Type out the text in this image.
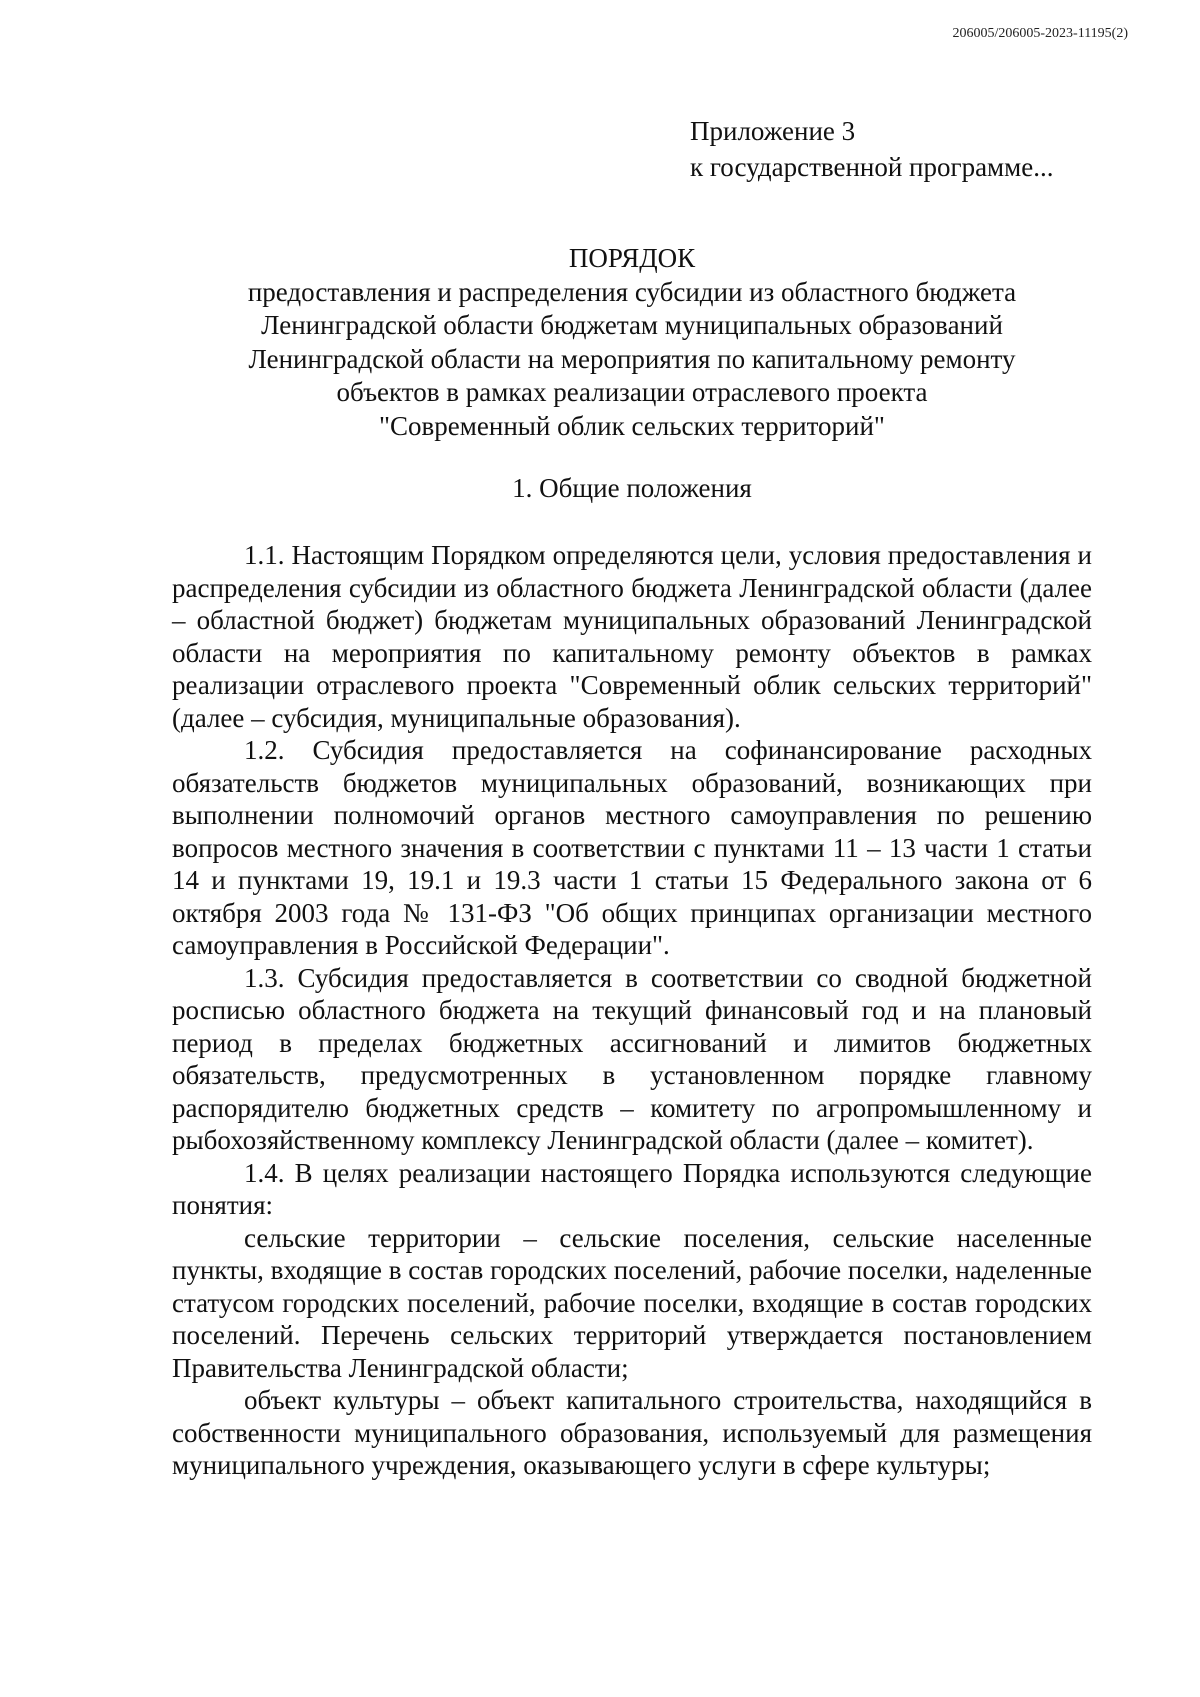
206005/206005-2023-11195(2)
Приложение 3
к государственной программе...
ПОРЯДОК
предоставления и распределения субсидии из областного бюджета
Ленинградской области бюджетам муниципальных образований
Ленинградской области на мероприятия по капитальному ремонту
объектов в рамках реализации отраслевого проекта
"Современный облик сельских территорий"
1. Общие положения

1.1. Настоящим Порядком определяются цели, условия предоставления и распределения субсидии из областного бюджета Ленинградской области (далее – областной бюджет) бюджетам муниципальных образований Ленинградской области на мероприятия по капитальному ремонту объектов в рамках реализации отраслевого проекта "Современный облик сельских территорий" (далее – субсидия, муниципальные образования).

1.2. Субсидия предоставляется на софинансирование расходных обязательств бюджетов муниципальных образований, возникающих при выполнении полномочий органов местного самоуправления по решению вопросов местного значения в соответствии с пунктами 11 – 13 части 1 статьи 14 и пунктами 19, 19.1 и 19.3 части 1 статьи 15 Федерального закона от 6 октября 2003 года № 131-ФЗ "Об общих принципах организации местного самоуправления в Российской Федерации".

1.3. Субсидия предоставляется в соответствии со сводной бюджетной росписью областного бюджета на текущий финансовый год и на плановый период в пределах бюджетных ассигнований и лимитов бюджетных обязательств, предусмотренных в установленном порядке главному распорядителю бюджетных средств – комитету по агропромышленному и рыбохозяйственному комплексу Ленинградской области (далее – комитет).

1.4. В целях реализации настоящего Порядка используются следующие понятия:

сельские территории – сельские поселения, сельские населенные пункты, входящие в состав городских поселений, рабочие поселки, наделенные статусом городских поселений, рабочие поселки, входящие в состав городских поселений. Перечень сельских территорий утверждается постановлением Правительства Ленинградской области;

объект культуры – объект капитального строительства, находящийся в собственности муниципального образования, используемый для размещения муниципального учреждения, оказывающего услуги в сфере культуры;
